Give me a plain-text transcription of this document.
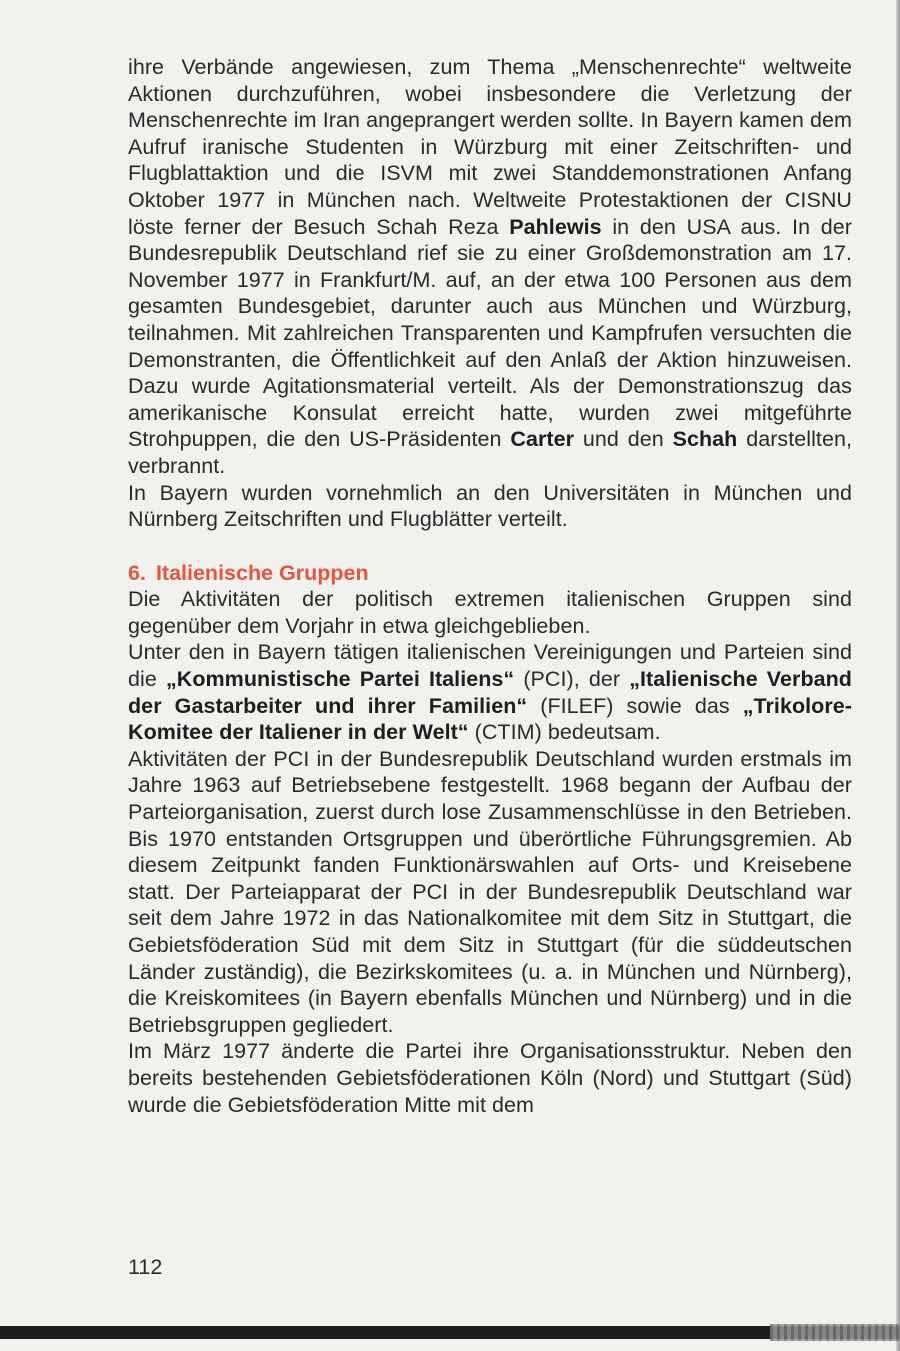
ihre Verbände angewiesen, zum Thema „Menschenrechte“ weltweite Aktionen durchzuführen, wobei insbesondere die Verletzung der Menschenrechte im Iran angeprangert werden sollte. In Bayern kamen dem Aufruf iranische Studenten in Würzburg mit einer Zeitschriften- und Flugblattaktion und die ISVM mit zwei Standdemonstrationen Anfang Oktober 1977 in München nach. Weltweite Protestaktionen der CISNU löste ferner der Besuch Schah Reza Pahlewis in den USA aus. In der Bundesrepublik Deutschland rief sie zu einer Großdemonstration am 17. November 1977 in Frankfurt/M. auf, an der etwa 100 Personen aus dem gesamten Bundesgebiet, darunter auch aus München und Würzburg, teilnahmen. Mit zahlreichen Transparenten und Kampfrufen versuchten die Demonstranten, die Öffentlichkeit auf den Anlaß der Aktion hinzuweisen. Dazu wurde Agitationsmaterial verteilt. Als der Demonstrationszug das amerikanische Konsulat erreicht hatte, wurden zwei mitgeführte Strohpuppen, die den US-Präsidenten Carter und den Schah darstellten, verbrannt.

In Bayern wurden vornehmlich an den Universitäten in München und Nürnberg Zeitschriften und Flugblätter verteilt.

6. Italienische Gruppen

Die Aktivitäten der politisch extremen italienischen Gruppen sind gegenüber dem Vorjahr in etwa gleichgeblieben.

Unter den in Bayern tätigen italienischen Vereinigungen und Parteien sind die „Kommunistische Partei Italiens“ (PCI), der „Italienische Verband der Gastarbeiter und ihrer Familien“ (FILEF) sowie das „Trikolore-Komitee der Italiener in der Welt“ (CTIM) bedeutsam.

Aktivitäten der PCI in der Bundesrepublik Deutschland wurden erstmals im Jahre 1963 auf Betriebsebene festgestellt. 1968 begann der Aufbau der Parteiorganisation, zuerst durch lose Zusammenschlüsse in den Betrieben. Bis 1970 entstanden Ortsgruppen und überörtliche Führungsgremien. Ab diesem Zeitpunkt fanden Funktionärswahlen auf Orts- und Kreisebene statt. Der Parteiapparat der PCI in der Bundesrepublik Deutschland war seit dem Jahre 1972 in das Nationalkomitee mit dem Sitz in Stuttgart, die Gebietsföderation Süd mit dem Sitz in Stuttgart (für die süddeutschen Länder zuständig), die Bezirkskomitees (u. a. in München und Nürnberg), die Kreiskomitees (in Bayern ebenfalls München und Nürnberg) und in die Betriebsgruppen gegliedert.

Im März 1977 änderte die Partei ihre Organisationsstruktur. Neben den bereits bestehenden Gebietsföderationen Köln (Nord) und Stuttgart (Süd) wurde die Gebietsföderation Mitte mit dem

112
